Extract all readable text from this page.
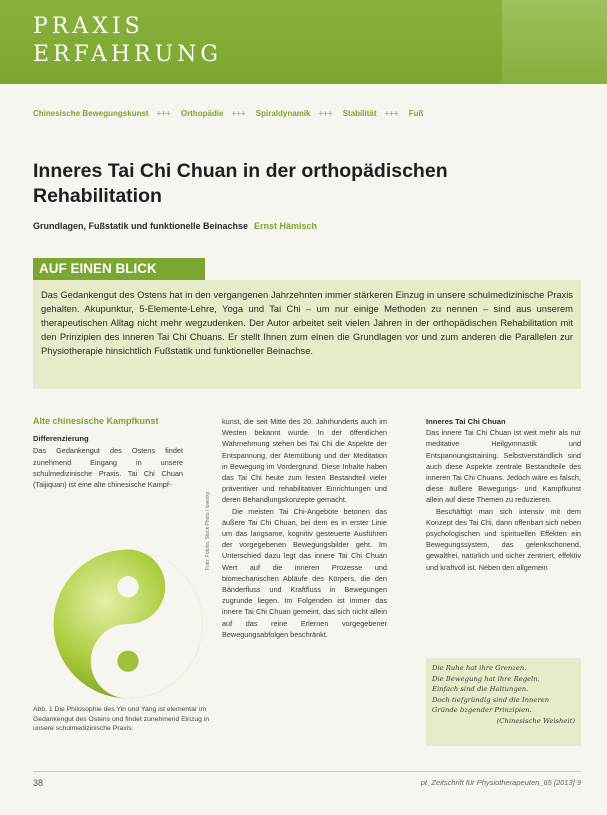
PRAXIS
ERFAHRUNG
Chinesische Bewegungskunst +++ Orthopädie +++ Spiraldynamik +++ Stabilität +++ Fuß
Inneres Tai Chi Chuan in der orthopädischen Rehabilitation
Grundlagen, Fußstatik und funktionelle Beinachse Ernst Hämisch
AUF EINEN BLICK
Das Gedankengut des Ostens hat in den vergangenen Jahrzehnten immer stärkeren Einzug in unsere schulmedizinische Praxis gehalten. Akupunktur, 5-Elemente-Lehre, Yoga und Tai Chi – um nur einige Methoden zu nennen – sind aus unserem therapeutischen Alltag nicht mehr wegzudenken. Der Autor arbeitet seit vielen Jahren in der orthopädischen Rehabilitation mit den Prinzipien des inneren Tai Chi Chuans. Er stellt Ihnen zum einen die Grundlagen vor und zum anderen die Parallelen zur Physiotherapie hinsichtlich Fußstatik und funktioneller Beinachse.
Alte chinesische Kampfkunst
Differenzierung
Das Gedankengut des Ostens findet zunehmend Eingang in unsere schulmedizinische Praxis. Tai Chi Chuan (Taijiquan) ist eine alte chinesische Kampf-
Foto: Fotolia, Stock Photo / lovesky
Abb. 1 Die Philosophie des Yin und Yang ist elementar im Gedankengut des Ostens und findet zunehmend Einzug in unsere schulmedizinische Praxis.
kunst, die seit Mitte des 20. Jahrhunderts auch im Westen bekannt wurde. In der öffentlichen Wahrnehmung stehen bei Tai Chi die Aspekte der Entspannung, der Atemübung und der Meditation in Bewegung im Vordergrund. Diese Inhalte haben das Tai Chi heute zum festen Bestandteil vieler präventiver und rehabilitativer Einrichtungen und deren Behandlungskonzepte gemacht.
Die meisten Tai Chi-Angebote betonen das äußere Tai Chi Chuan, bei dem es in erster Linie um das langsame, kognitiv gesteuerte Ausführen der vorgegebenen Bewegungsbilder geht. Im Unterschied dazu legt das innere Tai Chi Chuan Wert auf die inneren Prozesse und biomechanischen Abläufe des Körpers, die den Bänderfluss und Kraftfluss in Bewegungen zugrunde liegen. Im Folgenden ist immer das innere Tai Chi Chuan gemeint, das sich nicht allein auf das reine Erlernen vorgegebener Bewegungsabfolgen beschränkt.
Inneres Tai Chi Chuan
Das innere Tai Chi Chuan ist weit mehr als nur meditative Heilgymnastik und Entspannungstraining. Selbstverständlich sind auch diese Aspekte zentrale Bestandteile des inneren Tai Chi Chuans. Jedoch wäre es falsch, diese äußere Bewegungs- und Kampfkunst allein auf diese Themen zu reduzieren.
Beschäftigt man sich intensiv mit dem Konzept des Tai Chi, dann offenbart sich neben psychologischen und spirituellen Effekten ein Bewegungssystem, das gelenkschonend, gewaltfrei, natürlich und sicher zentriert, effektiv und kraftvoll ist. Neben den allgemein
Die Ruhe hat ihre Grenzen.
Die Bewegung hat ihre Regeln.
Einfach sind die Haltungen.
Doch tiefgründig sind die Inneren
Gründe bzgender Prinzipien.
(Chinesische Weisheit)
38	pt_Zeitschrift für Physiotherapeuten_65 [2013] 9
